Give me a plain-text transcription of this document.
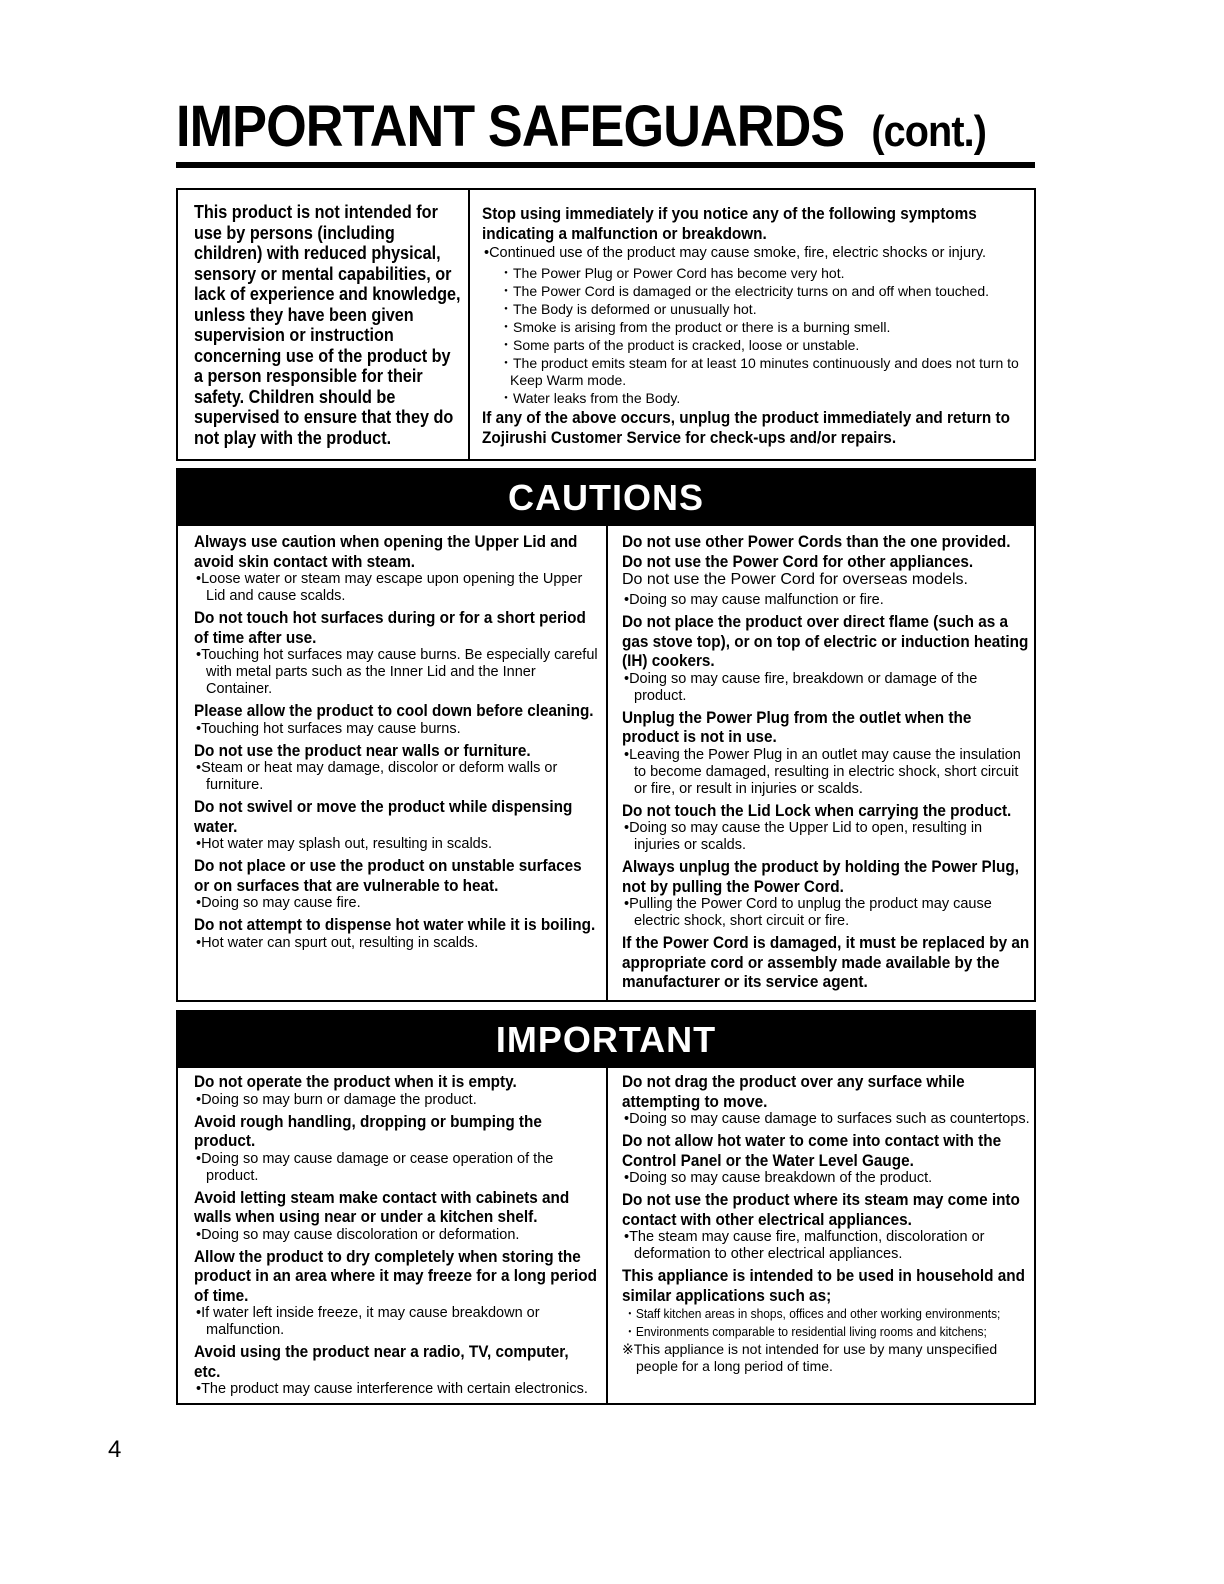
IMPORTANT SAFEGUARDS (cont.)

This product is not intended for use by persons (including children) with reduced physical, sensory or mental capabilities, or lack of experience and knowledge, unless they have been given supervision or instruction concerning use of the product by a person responsible for their safety. Children should be supervised to ensure that they do not play with the product.

Stop using immediately if you notice any of the following symptoms indicating a malfunction or breakdown.

•Continued use of the product may cause smoke, fire, electric shocks or injury.

・The Power Plug or Power Cord has become very hot.

・The Power Cord is damaged or the electricity turns on and off when touched.

・The Body is deformed or unusually hot.

・Smoke is arising from the product or there is a burning smell.

・Some parts of the product is cracked, loose or unstable.

・The product emits steam for at least 10 minutes continuously and does not turn to Keep Warm mode.

・Water leaks from the Body.

If any of the above occurs, unplug the product immediately and return to Zojirushi Customer Service for check-ups and/or repairs.

CAUTIONS

Always use caution when opening the Upper Lid and avoid skin contact with steam.

•Loose water or steam may escape upon opening the Upper Lid and cause scalds.

Do not touch hot surfaces during or for a short period of time after use.

•Touching hot surfaces may cause burns. Be especially careful with metal parts such as the Inner Lid and the Inner Container.

Please allow the product to cool down before cleaning.

•Touching hot surfaces may cause burns.

Do not use the product near walls or furniture.

•Steam or heat may damage, discolor or deform walls or furniture.

Do not swivel or move the product while dispensing water.

•Hot water may splash out, resulting in scalds.

Do not place or use the product on unstable surfaces or on surfaces that are vulnerable to heat.

•Doing so may cause fire.

Do not attempt to dispense hot water while it is boiling.

•Hot water can spurt out, resulting in scalds.

Do not use other Power Cords than the one provided. Do not use the Power Cord for other appliances.

Do not use the Power Cord for overseas models.

•Doing so may cause malfunction or fire.

Do not place the product over direct flame (such as a gas stove top), or on top of electric or induction heating (IH) cookers.

•Doing so may cause fire, breakdown or damage of the product.

Unplug the Power Plug from the outlet when the product is not in use.

•Leaving the Power Plug in an outlet may cause the insulation to become damaged, resulting in electric shock, short circuit or fire, or result in injuries or scalds.

Do not touch the Lid Lock when carrying the product.

•Doing so may cause the Upper Lid to open, resulting in injuries or scalds.

Always unplug the product by holding the Power Plug, not by pulling the Power Cord.

•Pulling the Power Cord to unplug the product may cause electric shock, short circuit or fire.

If the Power Cord is damaged, it must be replaced by an appropriate cord or assembly made available by the manufacturer or its service agent.

IMPORTANT

Do not operate the product when it is empty.

•Doing so may burn or damage the product.

Avoid rough handling, dropping or bumping the product.

•Doing so may cause damage or cease operation of the product.

Avoid letting steam make contact with cabinets and walls when using near or under a kitchen shelf.

•Doing so may cause discoloration or deformation.

Allow the product to dry completely when storing the product in an area where it may freeze for a long period of time.

•If water left inside freeze, it may cause breakdown or malfunction.

Avoid using the product near a radio, TV, computer, etc.

•The product may cause interference with certain electronics.

Do not drag the product over any surface while attempting to move.

•Doing so may cause damage to surfaces such as countertops.

Do not allow hot water to come into contact with the Control Panel or the Water Level Gauge.

•Doing so may cause breakdown of the product.

Do not use the product where its steam may come into contact with other electrical appliances.

•The steam may cause fire, malfunction, discoloration or deformation to other electrical appliances.

This appliance is intended to be used in household and similar applications such as;

・Staff kitchen areas in shops, offices and other working environments;

・Environments comparable to residential living rooms and kitchens;

※This appliance is not intended for use by many unspecified people for a long period of time.

4
